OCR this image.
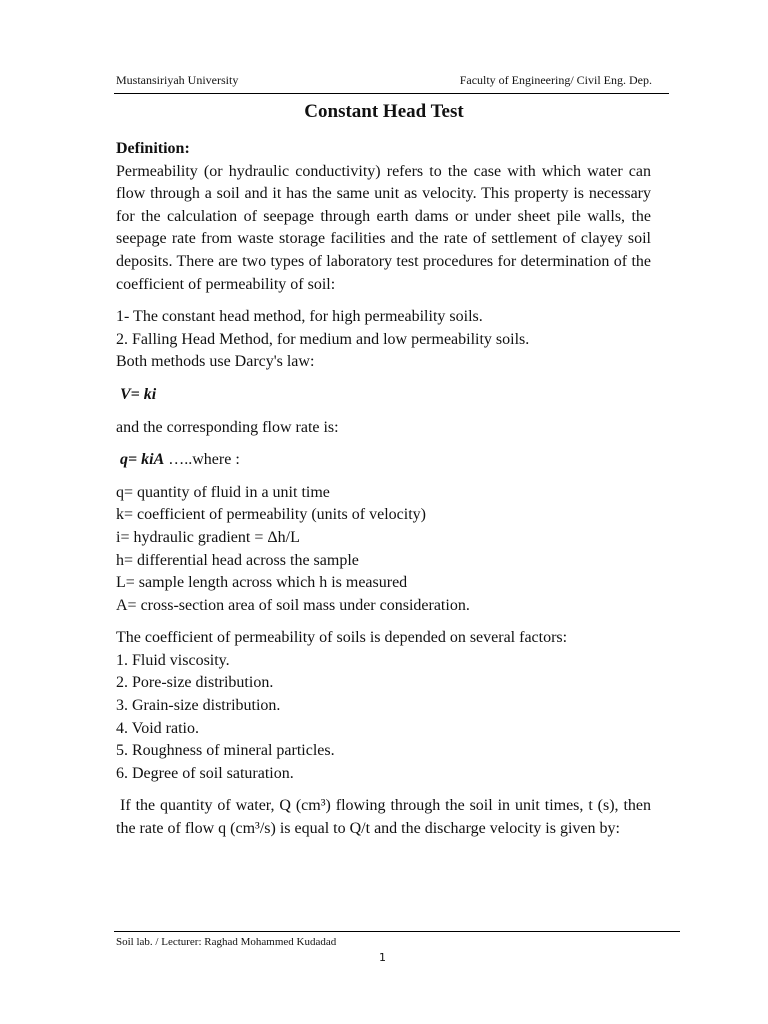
Mustansiriyah University	Faculty of Engineering/ Civil Eng. Dep.
Constant Head Test

Definition:

Permeability (or hydraulic conductivity) refers to the case with which water can flow through a soil and it has the same unit as velocity. This property is necessary for the calculation of seepage through earth dams or under sheet pile walls, the seepage rate from waste storage facilities and the rate of settlement of clayey soil deposits. There are two types of laboratory test procedures for determination of the coefficient of permeability of soil:

1- The constant head method, for high permeability soils.

2. Falling Head Method, for medium and low permeability soils.

Both methods use Darcy's law:

V= ki

and the corresponding flow rate is:

q= kiA …..where :

q= quantity of fluid in a unit time

k= coefficient of permeability (units of velocity)

i= hydraulic gradient = Δh/L

h= differential head across the sample

L= sample length across which h is measured

A= cross-section area of soil mass under consideration.

The coefficient of permeability of soils is depended on several factors:

1. Fluid viscosity.

2. Pore-size distribution.

3. Grain-size distribution.

4. Void ratio.

5. Roughness of mineral particles.

6. Degree of soil saturation.

If the quantity of water, Q (cm³) flowing through the soil in unit times, t (s), then the rate of flow q (cm³/s) is equal to Q/t and the discharge velocity is given by:

Soil lab. / Lecturer: Raghad Mohammed Kudadad
1
